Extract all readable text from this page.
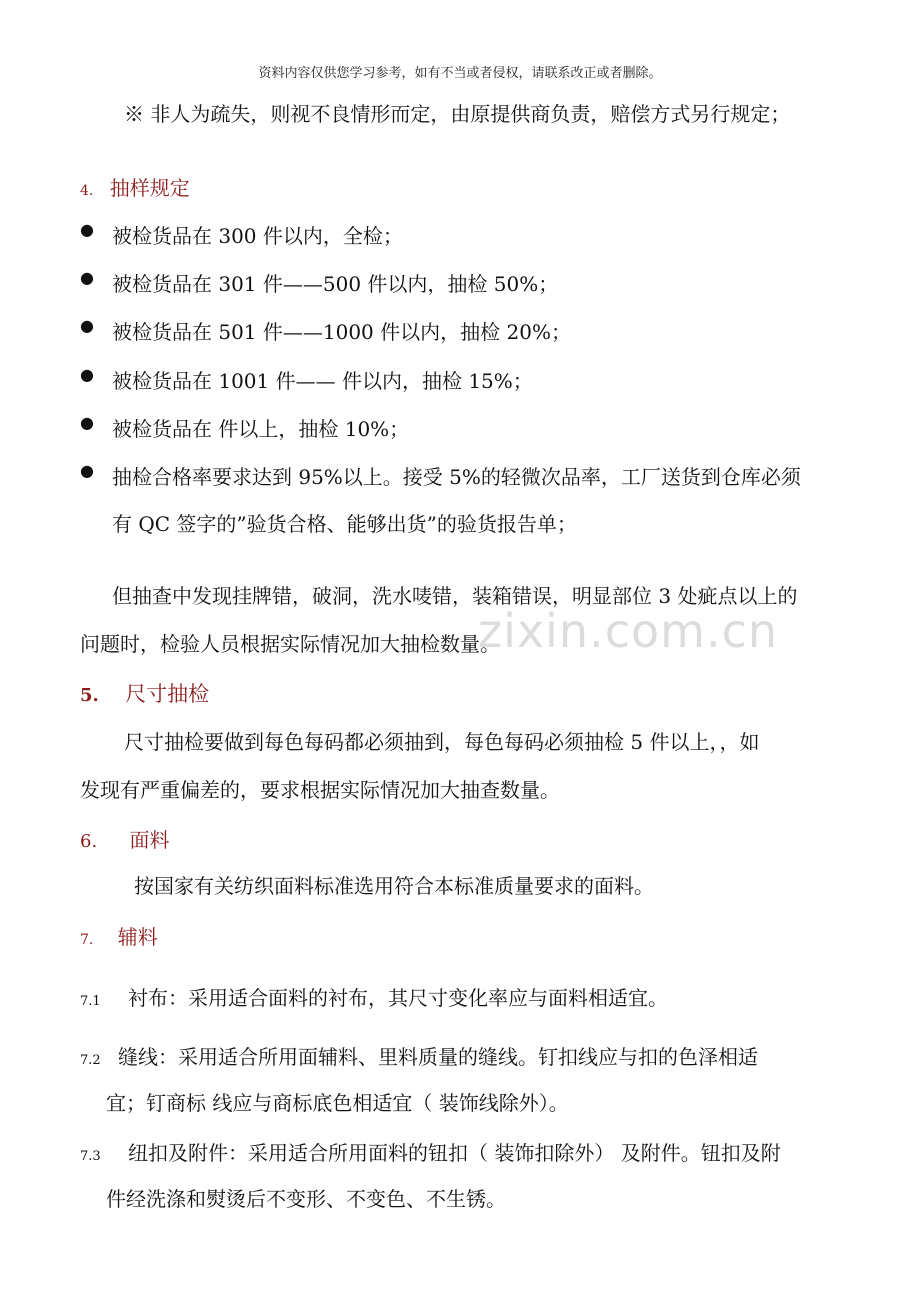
资料内容仅供您学习参考，如有不当或者侵权，请联系改正或者删除。
※ 非人为疏失，则视不良情形而定，由原提供商负责，赔偿方式另行规定；
4. 抽样规定
● 被检货品在 300 件以内，全检；
● 被检货品在 301 件——500 件以内，抽检 50%；
● 被检货品在 501 件——1000 件以内，抽检 20%；
● 被检货品在 1001 件—— 件以内，抽检 15%；
● 被检货品在 件以上，抽检 10%；
● 抽检合格率要求达到 95%以上。接受 5%的轻微次品率，工厂送货到仓库必须
有 QC 签字的”验货合格、能够出货”的验货报告单；
但抽查中发现挂牌错，破洞，洗水唛错，装箱错误，明显部位 3 处疵点以上的
问题时，检验人员根据实际情况加大抽检数量。
zixin.com.cn
5. 尺寸抽检
尺寸抽检要做到每色每码都必须抽到，每色每码必须抽检 5 件以上，，如
发现有严重偏差的，要求根据实际情况加大抽查数量。
6. 面料
按国家有关纺织面料标准选用符合本标准质量要求的面料。
7. 辅料
7.1 衬布：采用适合面料的衬布，其尺寸变化率应与面料相适宜。
7.2 缝线：采用适合所用面辅料、里料质量的缝线。钉扣线应与扣的色泽相适
宜；钉商标 线应与商标底色相适宜（ 装饰线除外）。
7.3 纽扣及附件：采用适合所用面料的钮扣（ 装饰扣除外） 及附件。钮扣及附
件经洗涤和熨烫后不变形、不变色、不生锈。
